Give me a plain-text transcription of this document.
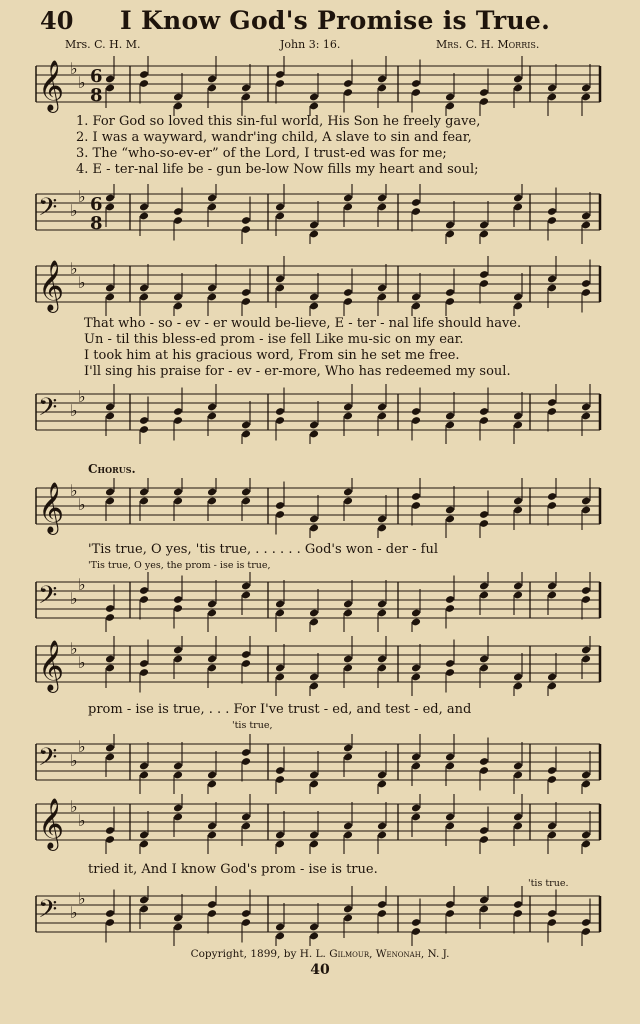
40 I Know God's Promise is True.
Mrs. C. H. M.	John 3: 16.	Mrs. C. H. Morris.
𝄞 ♭
♭ 6
8
1. For God so loved this sin-ful world, His Son he freely gave,
2. I was a wayward, wandr'ing child, A slave to sin and fear,
3. The “who-so-ev-er” of the Lord, I trust-ed was for me;
4. E - ter-nal life be - gun be-low Now fills my heart and soul;
𝄢 ♭
♭ 6
8
𝄞 ♭
♭
That who - so - ev - er would be-lieve, E - ter - nal life should have.
Un - til this bless-ed prom - ise fell Like mu-sic on my ear.
I took him at his gracious word, From sin he set me free.
I'll sing his praise for - ev - er-more, Who has redeemed my soul.
𝄢 ♭
♭
Chorus.
𝄞 ♭
♭
'Tis true, O yes, 'tis true, . . . . . . God's won - der - ful
'Tis true, O yes, the prom - ise is true,
𝄢 ♭
♭
𝄞 ♭
♭
prom - ise is true, . . . For I've trust - ed, and test - ed, and
'tis true,
𝄢 ♭
♭
𝄞 ♭
♭
tried it, And I know God's prom - ise is true.
'tis true.
𝄢 ♭
♭
Copyright, 1899, by H. L. Gilmour, Wenonah, N. J.
40
